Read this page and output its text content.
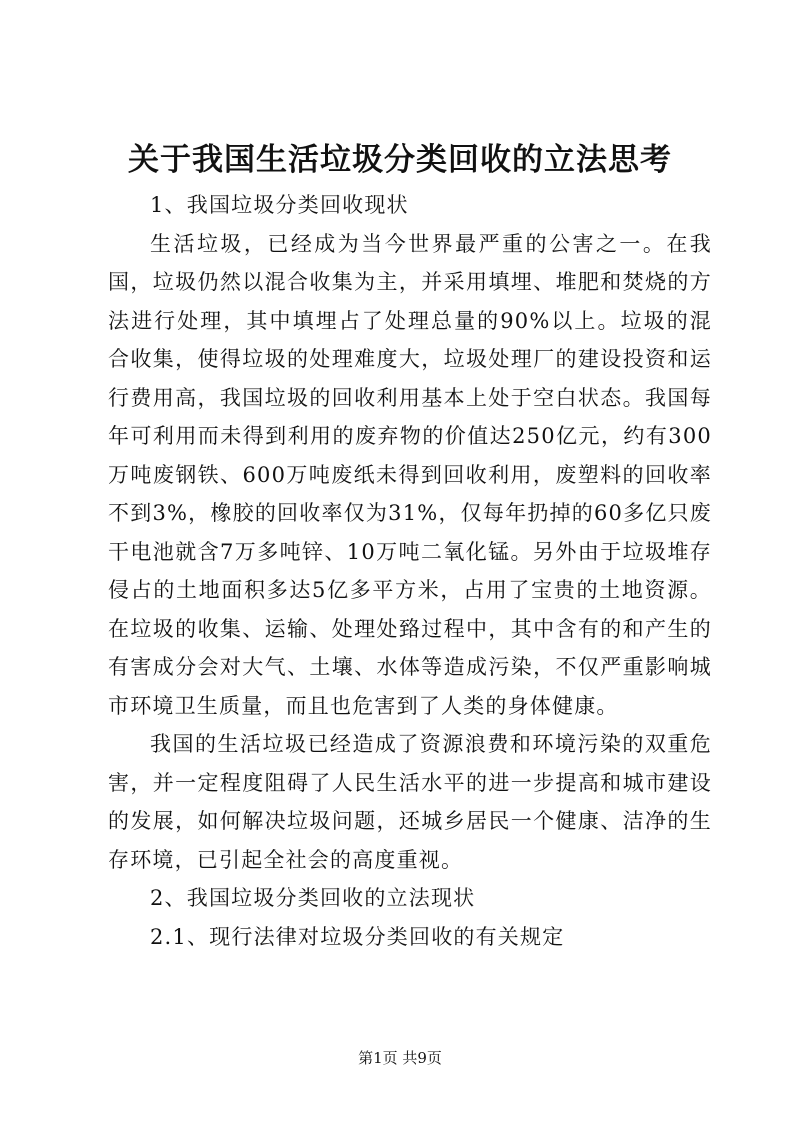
关于我国生活垃圾分类回收的立法思考

1、我国垃圾分类回收现状

生活垃圾，已经成为当今世界最严重的公害之一。在我国，垃圾仍然以混合收集为主，并采用填埋、堆肥和焚烧的方法进行处理，其中填埋占了处理总量的90%以上。垃圾的混合收集，使得垃圾的处理难度大，垃圾处理厂的建设投资和运行费用高，我国垃圾的回收利用基本上处于空白状态。我国每年可利用而未得到利用的废弃物的价值达250亿元，约有300万吨废钢铁、600万吨废纸未得到回收利用，废塑料的回收率不到3%，橡胶的回收率仅为31%，仅每年扔掉的60多亿只废干电池就含7万多吨锌、10万吨二氧化锰。另外由于垃圾堆存侵占的土地面积多达5亿多平方米，占用了宝贵的土地资源。在垃圾的收集、运输、处理处臵过程中，其中含有的和产生的有害成分会对大气、土壤、水体等造成污染，不仅严重影响城市环境卫生质量，而且也危害到了人类的身体健康。

我国的生活垃圾已经造成了资源浪费和环境污染的双重危害，并一定程度阻碍了人民生活水平的进一步提高和城市建设的发展，如何解决垃圾问题，还城乡居民一个健康、洁净的生存环境，已引起全社会的高度重视。

2、我国垃圾分类回收的立法现状

2.1、现行法律对垃圾分类回收的有关规定

第1页 共9页
